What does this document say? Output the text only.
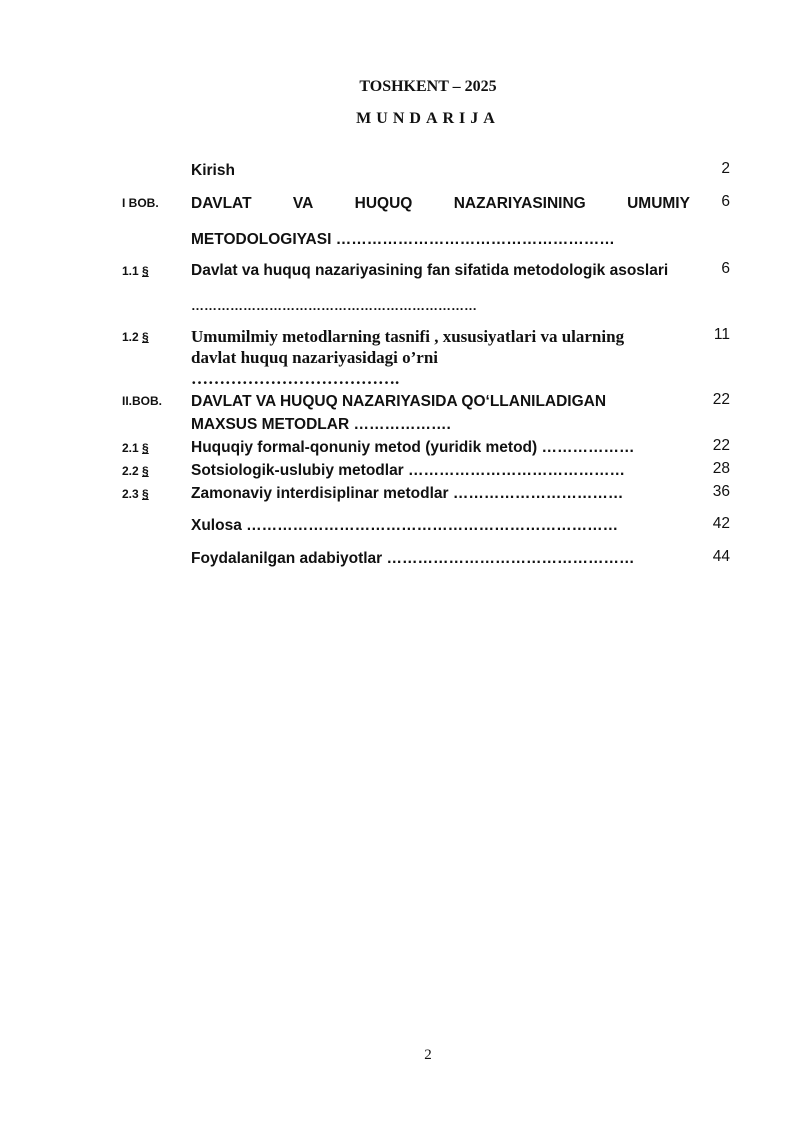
TOSHKENT – 2025
MUNDARIJA
Kirish	2
I BOB. DAVLAT	VA	HUQUQ	NAZARIYASINING	UMUMIY	6
METODOLOGIYASI ………………………………………………
1.1 §	Davlat va huquq nazariyasining fan sifatida metodologik asoslari	6
…………………………………………………………
1.2 § Umumilmiy metodlarning tasnifi , xususiyatlari va ularning	11
davlat huquq nazariyasidagi o’rni
……………………………….
II.BOB. DAVLAT VA HUQUQ NAZARIYASIDA QOʻLLANILADIGAN	22
MAXSUS METODLAR ……………….
2.1 §	Huquqiy formal-qonuniy metod (yuridik metod) ………………	22
2.2 §	Sotsiologik-uslubiy metodlar ……………………………………	28
2.3 §	Zamonaviy interdisiplinar metodlar ……………………………	36
Xulosa ………………………………………………………………	42
Foydalanilgan adabiyotlar …………………………………………	44
2
